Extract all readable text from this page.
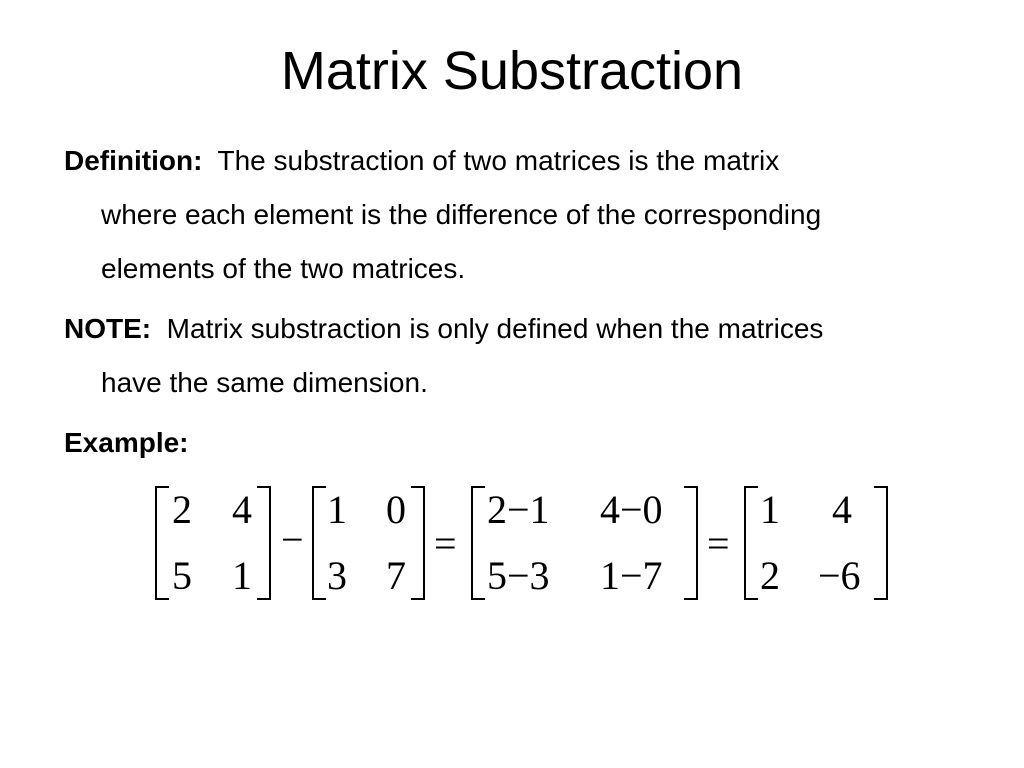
Matrix Substraction

Definition: The substraction of two matrices is the matrix
where each element is the difference of the corresponding
elements of the two matrices.

NOTE: Matrix substraction is only defined when the matrices
have the same dimension.

Example:

2 4
5 1
−
1 0
3 7
=
2−1 4−0
5−3 1−7
=
1 4
2 −6
